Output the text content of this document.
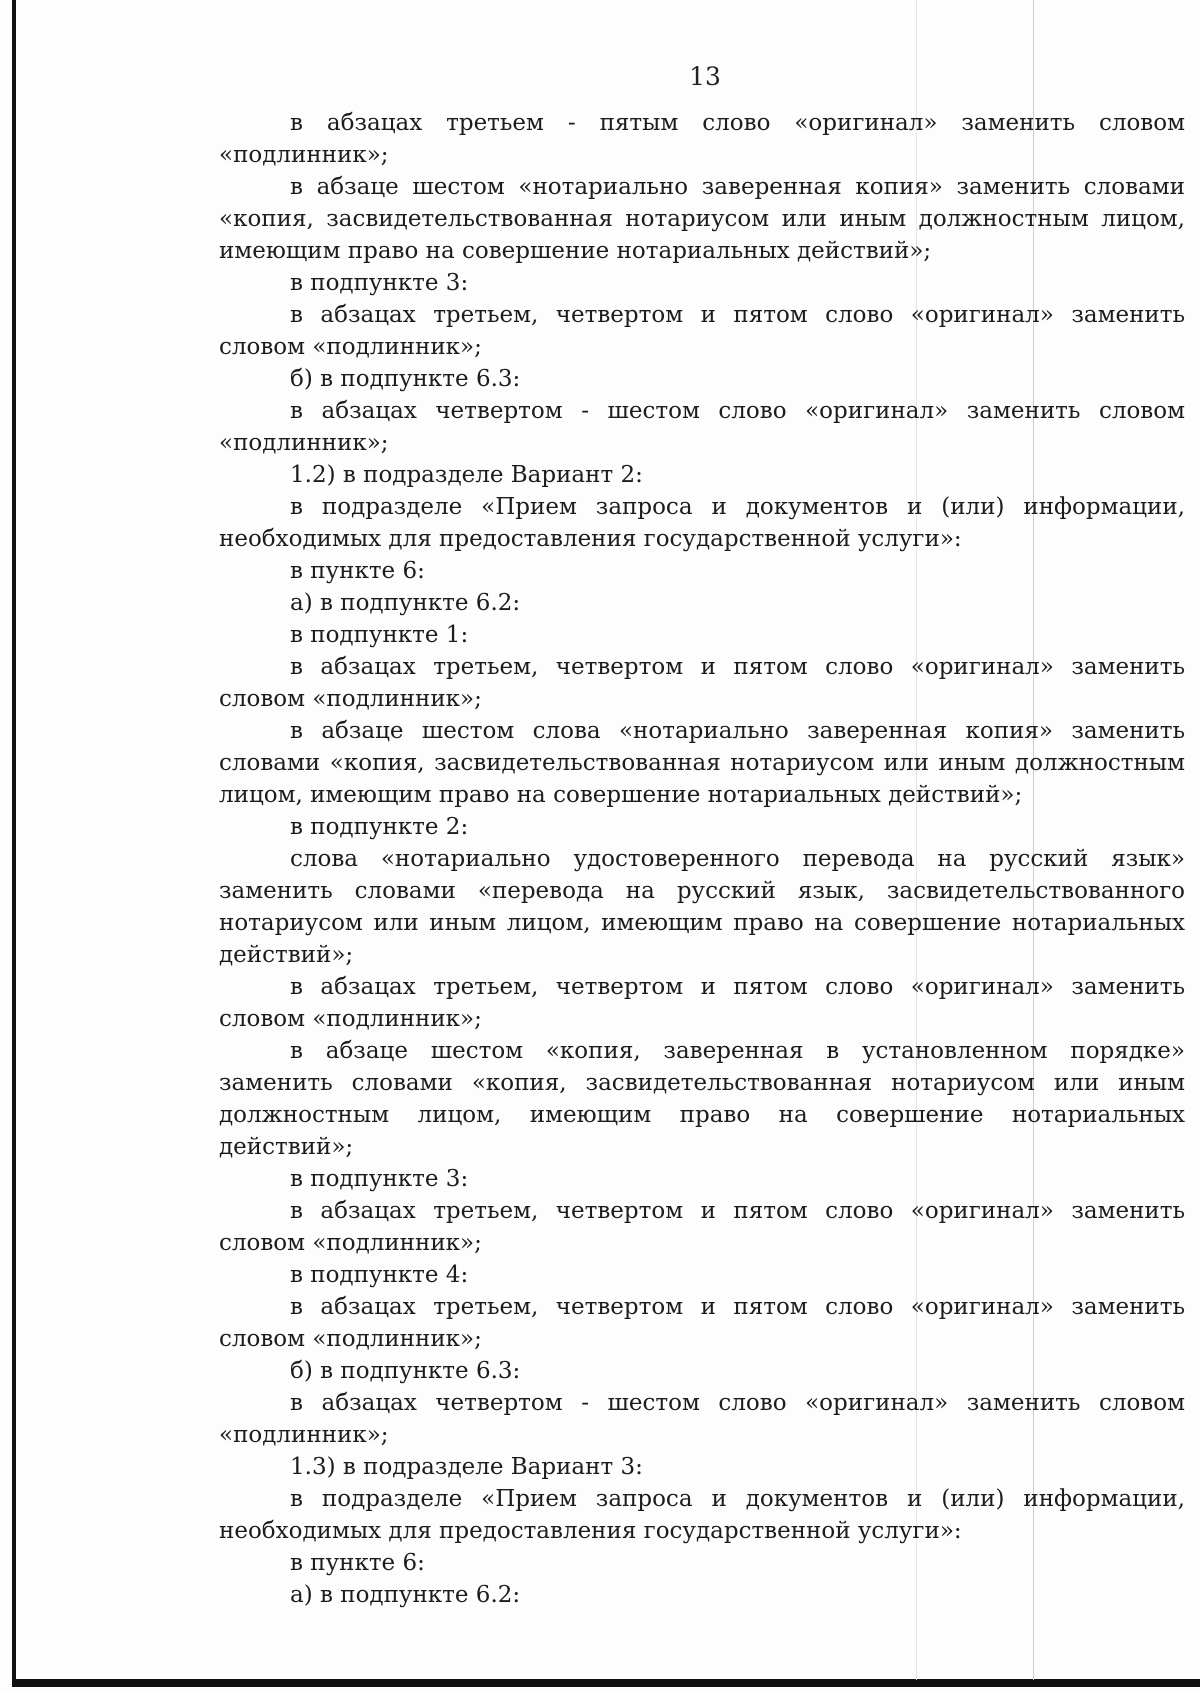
13

в абзацах третьем - пятым слово «оригинал» заменить словом «подлинник»;

в абзаце шестом «нотариально заверенная копия» заменить словами «копия, засвидетельствованная нотариусом или иным должностным лицом, имеющим право на совершение нотариальных действий»;

в подпункте 3:

в абзацах третьем, четвертом и пятом слово «оригинал» заменить словом «подлинник»;

б) в подпункте 6.3:

в абзацах четвертом - шестом слово «оригинал» заменить словом «подлинник»;

1.2) в подразделе Вариант 2:

в подразделе «Прием запроса и документов и (или) информации, необходимых для предоставления государственной услуги»:

в пункте 6:

а) в подпункте 6.2:

в подпункте 1:

в абзацах третьем, четвертом и пятом слово «оригинал» заменить словом «подлинник»;

в абзаце шестом слова «нотариально заверенная копия» заменить словами «копия, засвидетельствованная нотариусом или иным должностным лицом, имеющим право на совершение нотариальных действий»;

в подпункте 2:

слова «нотариально удостоверенного перевода на русский язык» заменить словами «перевода на русский язык, засвидетельствованного нотариусом или иным лицом, имеющим право на совершение нотариальных действий»;

в абзацах третьем, четвертом и пятом слово «оригинал» заменить словом «подлинник»;

в абзаце шестом «копия, заверенная в установленном порядке» заменить словами «копия, засвидетельствованная нотариусом или иным должностным лицом, имеющим право на совершение нотариальных действий»;

в подпункте 3:

в абзацах третьем, четвертом и пятом слово «оригинал» заменить словом «подлинник»;

в подпункте 4:

в абзацах третьем, четвертом и пятом слово «оригинал» заменить словом «подлинник»;

б) в подпункте 6.3:

в абзацах четвертом - шестом слово «оригинал» заменить словом «подлинник»;

1.3) в подразделе Вариант 3:

в подразделе «Прием запроса и документов и (или) информации, необходимых для предоставления государственной услуги»:

в пункте 6:

а) в подпункте 6.2:
